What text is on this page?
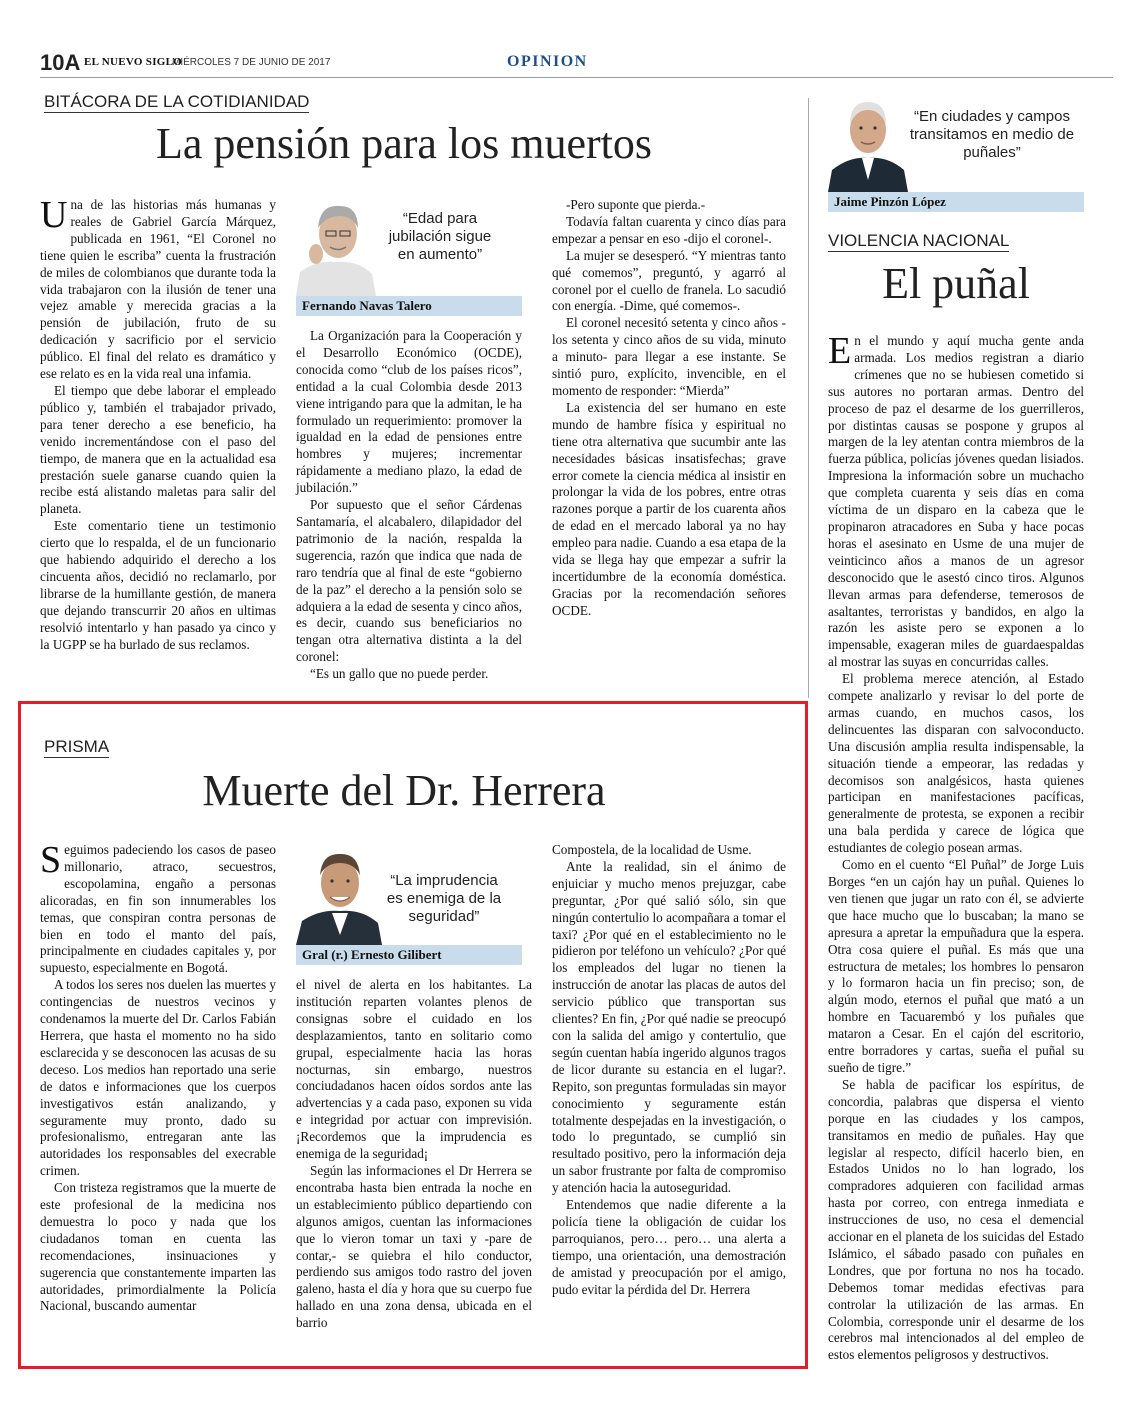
10A EL NUEVO SIGLO
MIÉRCOLES 7 DE JUNIO DE 2017	OPINION
BITÁCORA DE LA COTIDIANIDAD
La pensión para los muertos

Una de las historias más humanas y reales de Gabriel García Márquez, publicada en 1961, “El Coronel no tiene quien le escriba” cuenta la frustración de miles de colombianos que durante toda la vida trabajaron con la ilusión de tener una vejez amable y merecida gracias a la pensión de jubilación, fruto de su dedicación y sacrificio por el servicio público. El final del relato es dramático y ese relato es en la vida real una infamia.

El tiempo que debe laborar el empleado público y, también el trabajador privado, para tener derecho a ese beneficio, ha venido incrementándose con el paso del tiempo, de manera que en la actualidad esa prestación suele ganarse cuando quien la recibe está alistando maletas para salir del planeta.

Este comentario tiene un testimonio cierto que lo respalda, el de un funcionario que habiendo adquirido el derecho a los cincuenta años, decidió no reclamarlo, por librarse de la humillante gestión, de manera que dejando transcurrir 20 años en ultimas resolvió intentarlo y han pasado ya cinco y la UGPP se ha burlado de sus reclamos.

“Edad para jubilación sigue en aumento”
Fernando Navas Talero

La Organización para la Cooperación y el Desarrollo Económico (OCDE), conocida como “club de los países ricos”, entidad a la cual Colombia desde 2013 viene intrigando para que la admitan, le ha formulado un requerimiento: promover la igualdad en la edad de pensiones entre hombres y mujeres; incrementar rápidamente a mediano plazo, la edad de jubilación.”

Por supuesto que el señor Cárdenas Santamaría, el alcabalero, dilapidador del patrimonio de la nación, respalda la sugerencia, razón que indica que nada de raro tendría que al final de este “gobierno de la paz” el derecho a la pensión solo se adquiera a la edad de sesenta y cinco años, es decir, cuando sus beneficiarios no tengan otra alternativa distinta a la del coronel:

“Es un gallo que no puede perder.

-Pero suponte que pierda.-

Todavía faltan cuarenta y cinco días para empezar a pensar en eso -dijo el coronel-.

La mujer se desesperó. “Y mientras tanto qué comemos”, preguntó, y agarró al coronel por el cuello de franela. Lo sacudió con energía. -Dime, qué comemos-.

El coronel necesitó setenta y cinco años -los setenta y cinco años de su vida, minuto a minuto- para llegar a ese instante. Se sintió puro, explícito, invencible, en el momento de responder: “Mierda”

La existencia del ser humano en este mundo de hambre física y espiritual no tiene otra alternativa que sucumbir ante las necesidades básicas insatisfechas; grave error comete la ciencia médica al insistir en prolongar la vida de los pobres, entre otras razones porque a partir de los cuarenta años de edad en el mercado laboral ya no hay empleo para nadie. Cuando a esa etapa de la vida se llega hay que empezar a sufrir la incertidumbre de la economía doméstica. Gracias por la recomendación señores OCDE.

PRISMA
Muerte del Dr. Herrera

Seguimos padeciendo los casos de paseo millonario, atraco, secuestros, escopolamina, engaño a personas alicoradas, en fin son innumerables los temas, que conspiran contra personas de bien en todo el manto del país, principalmente en ciudades capitales y, por supuesto, especialmente en Bogotá.

A todos los seres nos duelen las muertes y contingencias de nuestros vecinos y condenamos la muerte del Dr. Carlos Fabián Herrera, que hasta el momento no ha sido esclarecida y se desconocen las acusas de su deceso. Los medios han reportado una serie de datos e informaciones que los cuerpos investigativos están analizando, y seguramente muy pronto, dado su profesionalismo, entregaran ante las autoridades los responsables del execrable crimen.

Con tristeza registramos que la muerte de este profesional de la medicina nos demuestra lo poco y nada que los ciudadanos toman en cuenta las recomendaciones, insinuaciones y sugerencia que constantemente imparten las autoridades, primordialmente la Policía Nacional, buscando aumentar

“La imprudencia es enemiga de la seguridad”
Gral (r.) Ernesto Gilibert

el nivel de alerta en los habitantes. La institución reparten volantes plenos de consignas sobre el cuidado en los desplazamientos, tanto en solitario como grupal, especialmente hacia las horas nocturnas, sin embargo, nuestros conciudadanos hacen oídos sordos ante las advertencias y a cada paso, exponen su vida e integridad por actuar con imprevisión. ¡Recordemos que la imprudencia es enemiga de la seguridad¡

Según las informaciones el Dr Herrera se encontraba hasta bien entrada la noche en un establecimiento público departiendo con algunos amigos, cuentan las informaciones que lo vieron tomar un taxi y -pare de contar,- se quiebra el hilo conductor, perdiendo sus amigos todo rastro del joven galeno, hasta el día y hora que su cuerpo fue hallado en una zona densa, ubicada en el barrio

Compostela, de la localidad de Usme.

Ante la realidad, sin el ánimo de enjuiciar y mucho menos prejuzgar, cabe preguntar, ¿Por qué salió sólo, sin que ningún contertulio lo acompañara a tomar el taxi? ¿Por qué en el establecimiento no le pidieron por teléfono un vehículo? ¿Por qué los empleados del lugar no tienen la instrucción de anotar las placas de autos del servicio público que transportan sus clientes? En fin, ¿Por qué nadie se preocupó con la salida del amigo y contertulio, que según cuentan había ingerido algunos tragos de licor durante su estancia en el lugar?. Repito, son preguntas formuladas sin mayor conocimiento y seguramente están totalmente despejadas en la investigación, o todo lo preguntado, se cumplió sin resultado positivo, pero la información deja un sabor frustrante por falta de compromiso y atención hacia la autoseguridad.

Entendemos que nadie diferente a la policía tiene la obligación de cuidar los parroquianos, pero… pero… una alerta a tiempo, una orientación, una demostración de amistad y preocupación por el amigo, pudo evitar la pérdida del Dr. Herrera

“En ciudades y campos transitamos en medio de puñales”
Jaime Pinzón López
VIOLENCIA NACIONAL
El puñal

En el mundo y aquí mucha gente anda armada. Los medios registran a diario crímenes que no se hubiesen cometido si sus autores no portaran armas. Dentro del proceso de paz el desarme de los guerrilleros, por distintas causas se pospone y grupos al margen de la ley atentan contra miembros de la fuerza pública, policías jóvenes quedan lisiados. Impresiona la información sobre un muchacho que completa cuarenta y seis días en coma víctima de un disparo en la cabeza que le propinaron atracadores en Suba y hace pocas horas el asesinato en Usme de una mujer de veinticinco años a manos de un agresor desconocido que le asestó cinco tiros. Algunos llevan armas para defenderse, temerosos de asaltantes, terroristas y bandidos, en algo la razón les asiste pero se exponen a lo impensable, exageran miles de guardaespaldas al mostrar las suyas en concurridas calles.

El problema merece atención, al Estado compete analizarlo y revisar lo del porte de armas cuando, en muchos casos, los delincuentes las disparan con salvoconducto. Una discusión amplia resulta indispensable, la situación tiende a empeorar, las redadas y decomisos son analgésicos, hasta quienes participan en manifestaciones pacíficas, generalmente de protesta, se exponen a recibir una bala perdida y carece de lógica que estudiantes de colegio posean armas.

Como en el cuento “El Puñal” de Jorge Luis Borges “en un cajón hay un puñal. Quienes lo ven tienen que jugar un rato con él, se advierte que hace mucho que lo buscaban; la mano se apresura a apretar la empuñadura que la espera. Otra cosa quiere el puñal. Es más que una estructura de metales; los hombres lo pensaron y lo formaron hacia un fin preciso; son, de algún modo, eternos el puñal que mató a un hombre en Tacuarembó y los puñales que mataron a Cesar. En el cajón del escritorio, entre borradores y cartas, sueña el puñal su sueño de tigre.”

Se habla de pacificar los espíritus, de concordia, palabras que dispersa el viento porque en las ciudades y los campos, transitamos en medio de puñales. Hay que legislar al respecto, difícil hacerlo bien, en Estados Unidos no lo han logrado, los compradores adquieren con facilidad armas hasta por correo, con entrega inmediata e instrucciones de uso, no cesa el demencial accionar en el planeta de los suicidas del Estado Islámico, el sábado pasado con puñales en Londres, que por fortuna no nos ha tocado. Debemos tomar medidas efectivas para controlar la utilización de las armas. En Colombia, corresponde unir el desarme de los cerebros mal intencionados al del empleo de estos elementos peligrosos y destructivos.
